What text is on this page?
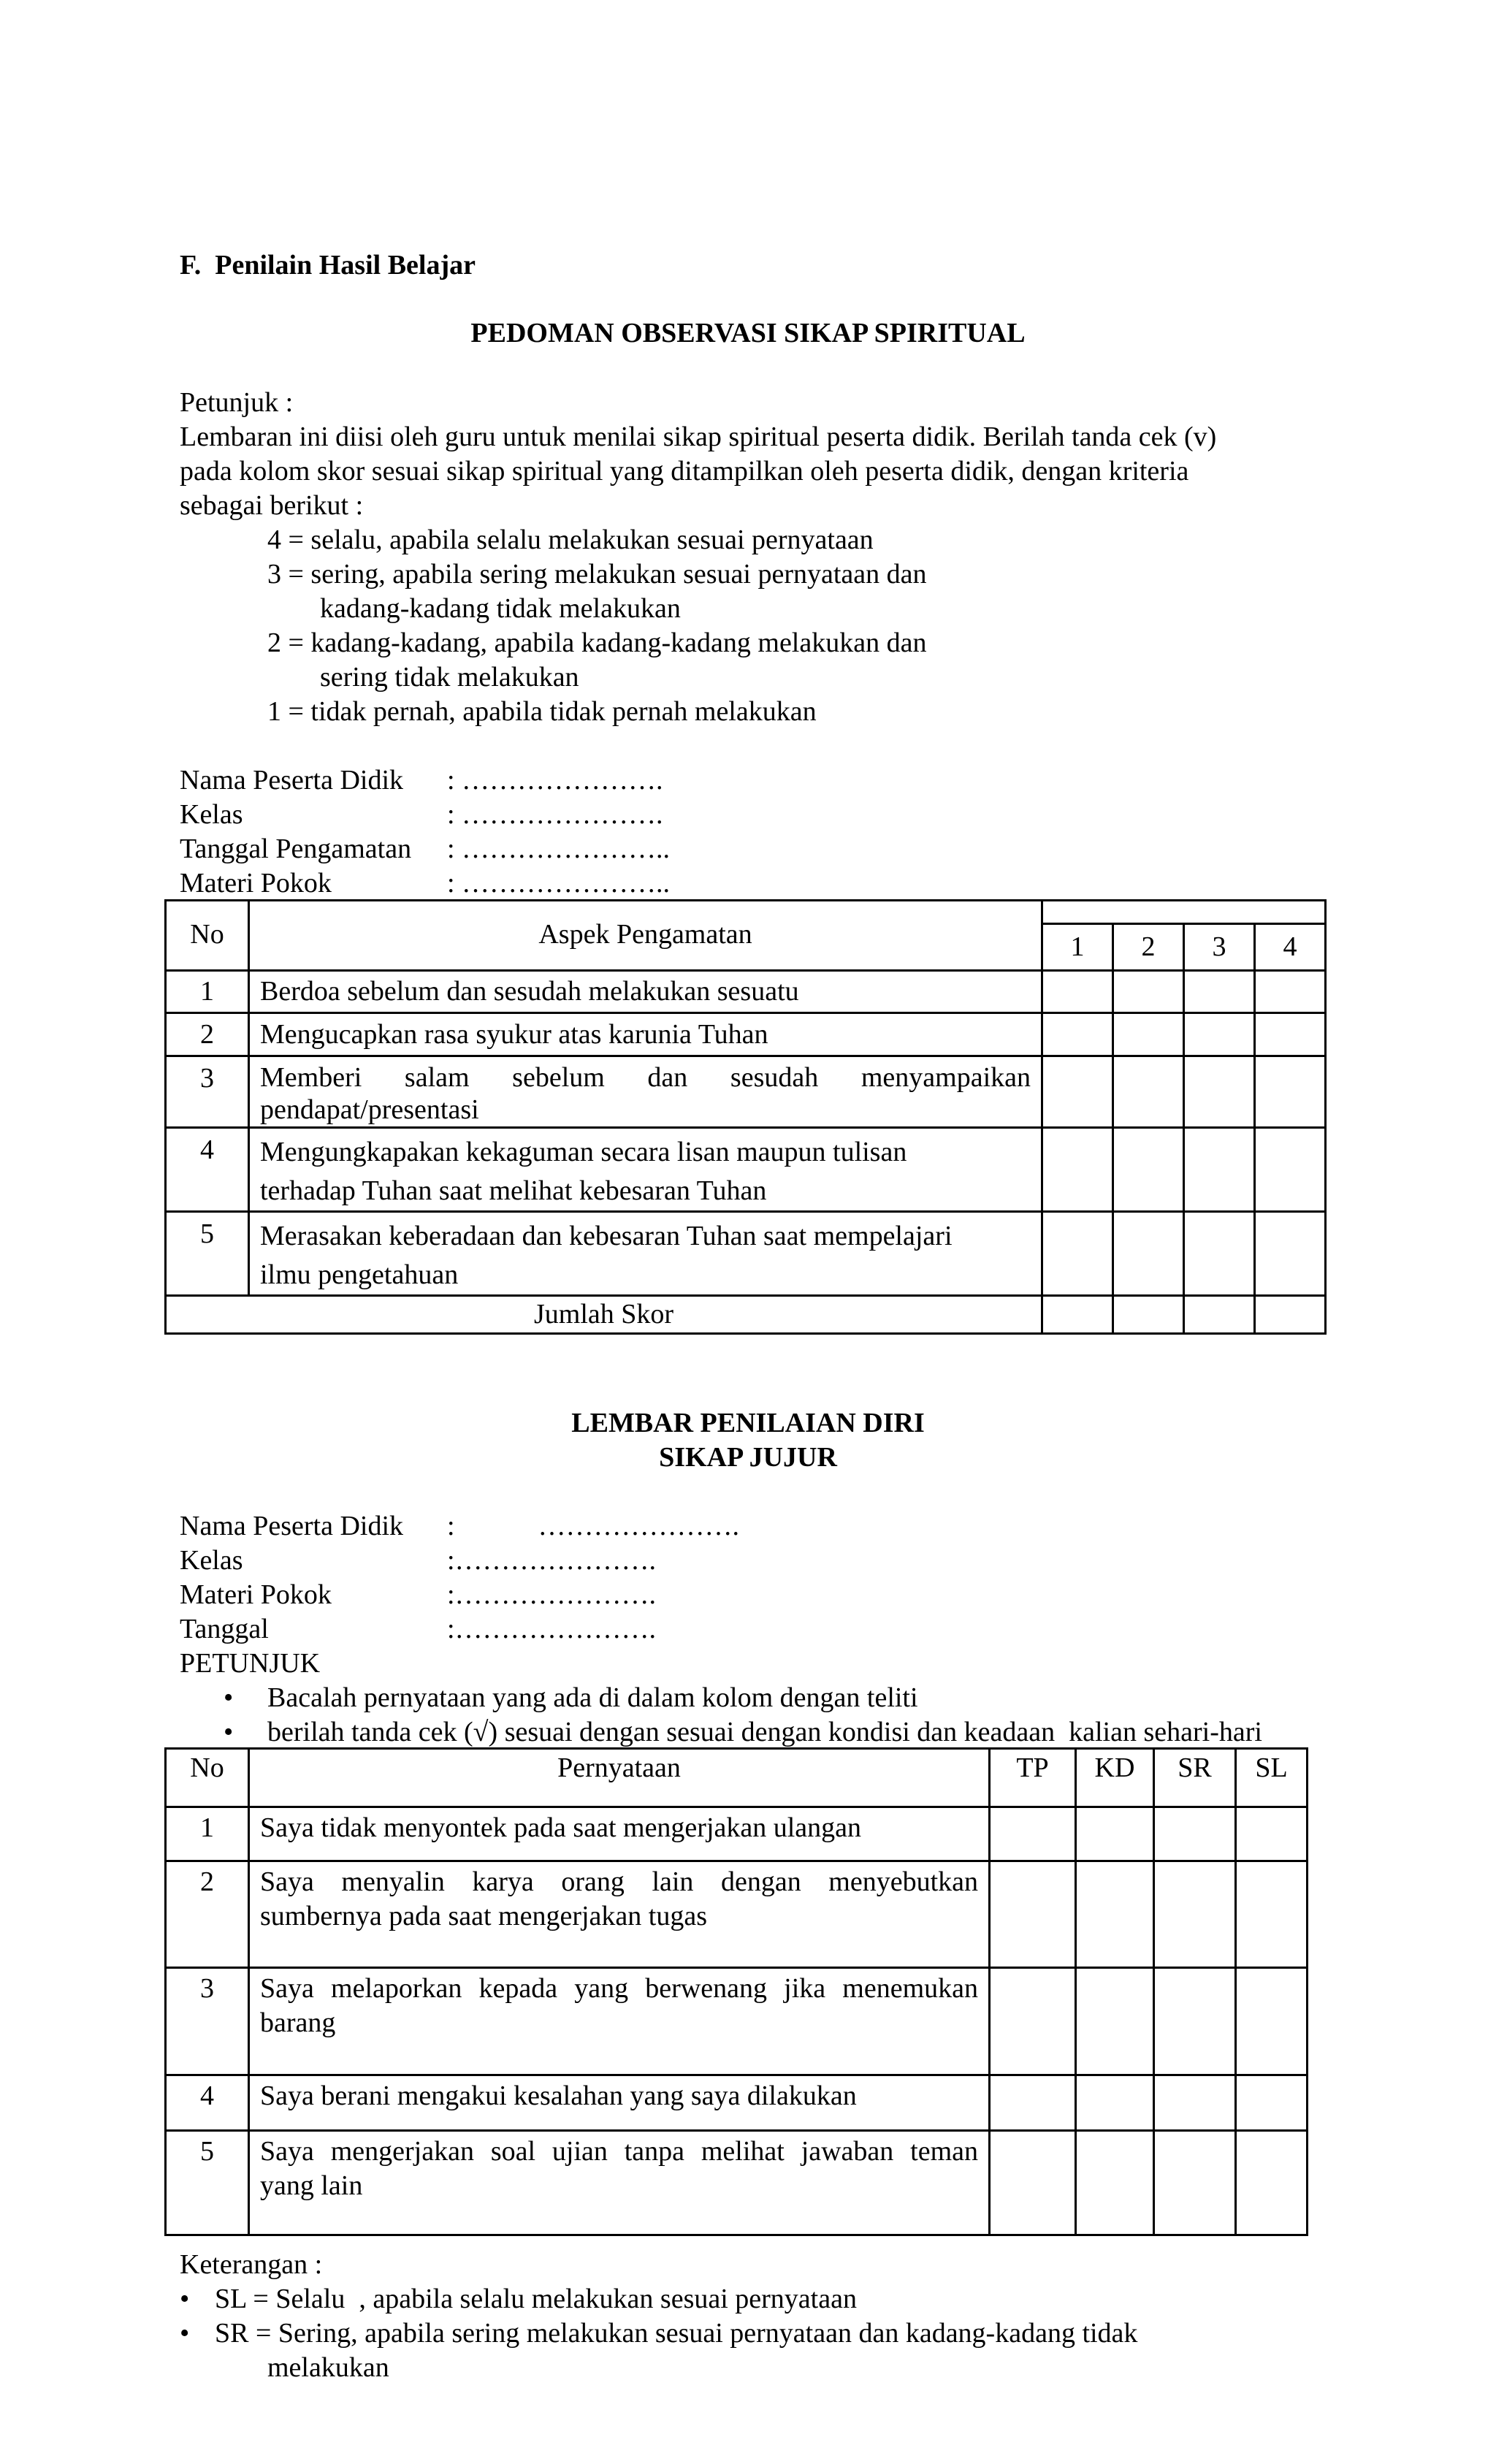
F. Penilain Hasil Belajar
PEDOMAN OBSERVASI SIKAP SPIRITUAL
Petunjuk :
Lembaran ini diisi oleh guru untuk menilai sikap spiritual peserta didik. Berilah tanda cek (v)
pada kolom skor sesuai sikap spiritual yang ditampilkan oleh peserta didik, dengan kriteria
sebagai berikut :
4 = selalu, apabila selalu melakukan sesuai pernyataan
3 = sering, apabila sering melakukan sesuai pernyataan dan
kadang-kadang tidak melakukan
2 = kadang-kadang, apabila kadang-kadang melakukan dan
sering tidak melakukan
1 = tidak pernah, apabila tidak pernah melakukan
Nama Peserta Didik : ………………….
Kelas	: ………………….
Tanggal Pengamatan : …………………..
Materi Pokok	: …………………..
No	Aspek Pengamatan				
		1	2	3	4
1	Berdoa sebelum dan sesudah melakukan sesuatu				
2	Mengucapkan rasa syukur atas karunia Tuhan				
3	Memberi salam sebelum dan sesudah menyampaikan
pendapat/presentasi				

4	Mengungkapakan kekaguman secara lisan maupun tulisan
terhadap Tuhan saat melihat kebesaran Tuhan				

5	Merasakan keberadaan dan kebesaran Tuhan saat mempelajari
ilmu pengetahuan				

Jumlah Skor					
LEMBAR PENILAIAN DIRI
SIKAP JUJUR
Nama Peserta Didik :            ………………….
Kelas	:………………….
Materi Pokok	:………………….
Tanggal	:………………….
PETUNJUK
• Bacalah pernyataan yang ada di dalam kolom dengan teliti
• berilah tanda cek (√) sesuai dengan sesuai dengan kondisi dan keadaan  kalian sehari-hari
No	Pernyataan	TP	KD	SR	SL
1	Saya tidak menyontek pada saat mengerjakan ulangan				
2	Saya menyalin karya orang lain dengan menyebutkan
sumbernya pada saat mengerjakan tugas				

3	Saya melaporkan kepada yang berwenang jika menemukan
barang				

4	Saya berani mengakui kesalahan yang saya dilakukan				
5	Saya mengerjakan soal ujian tanpa melihat jawaban teman
yang lain				

Keterangan :
• SL = Selalu  , apabila selalu melakukan sesuai pernyataan
• SR = Sering, apabila sering melakukan sesuai pernyataan dan kadang-kadang tidak
melakukan
